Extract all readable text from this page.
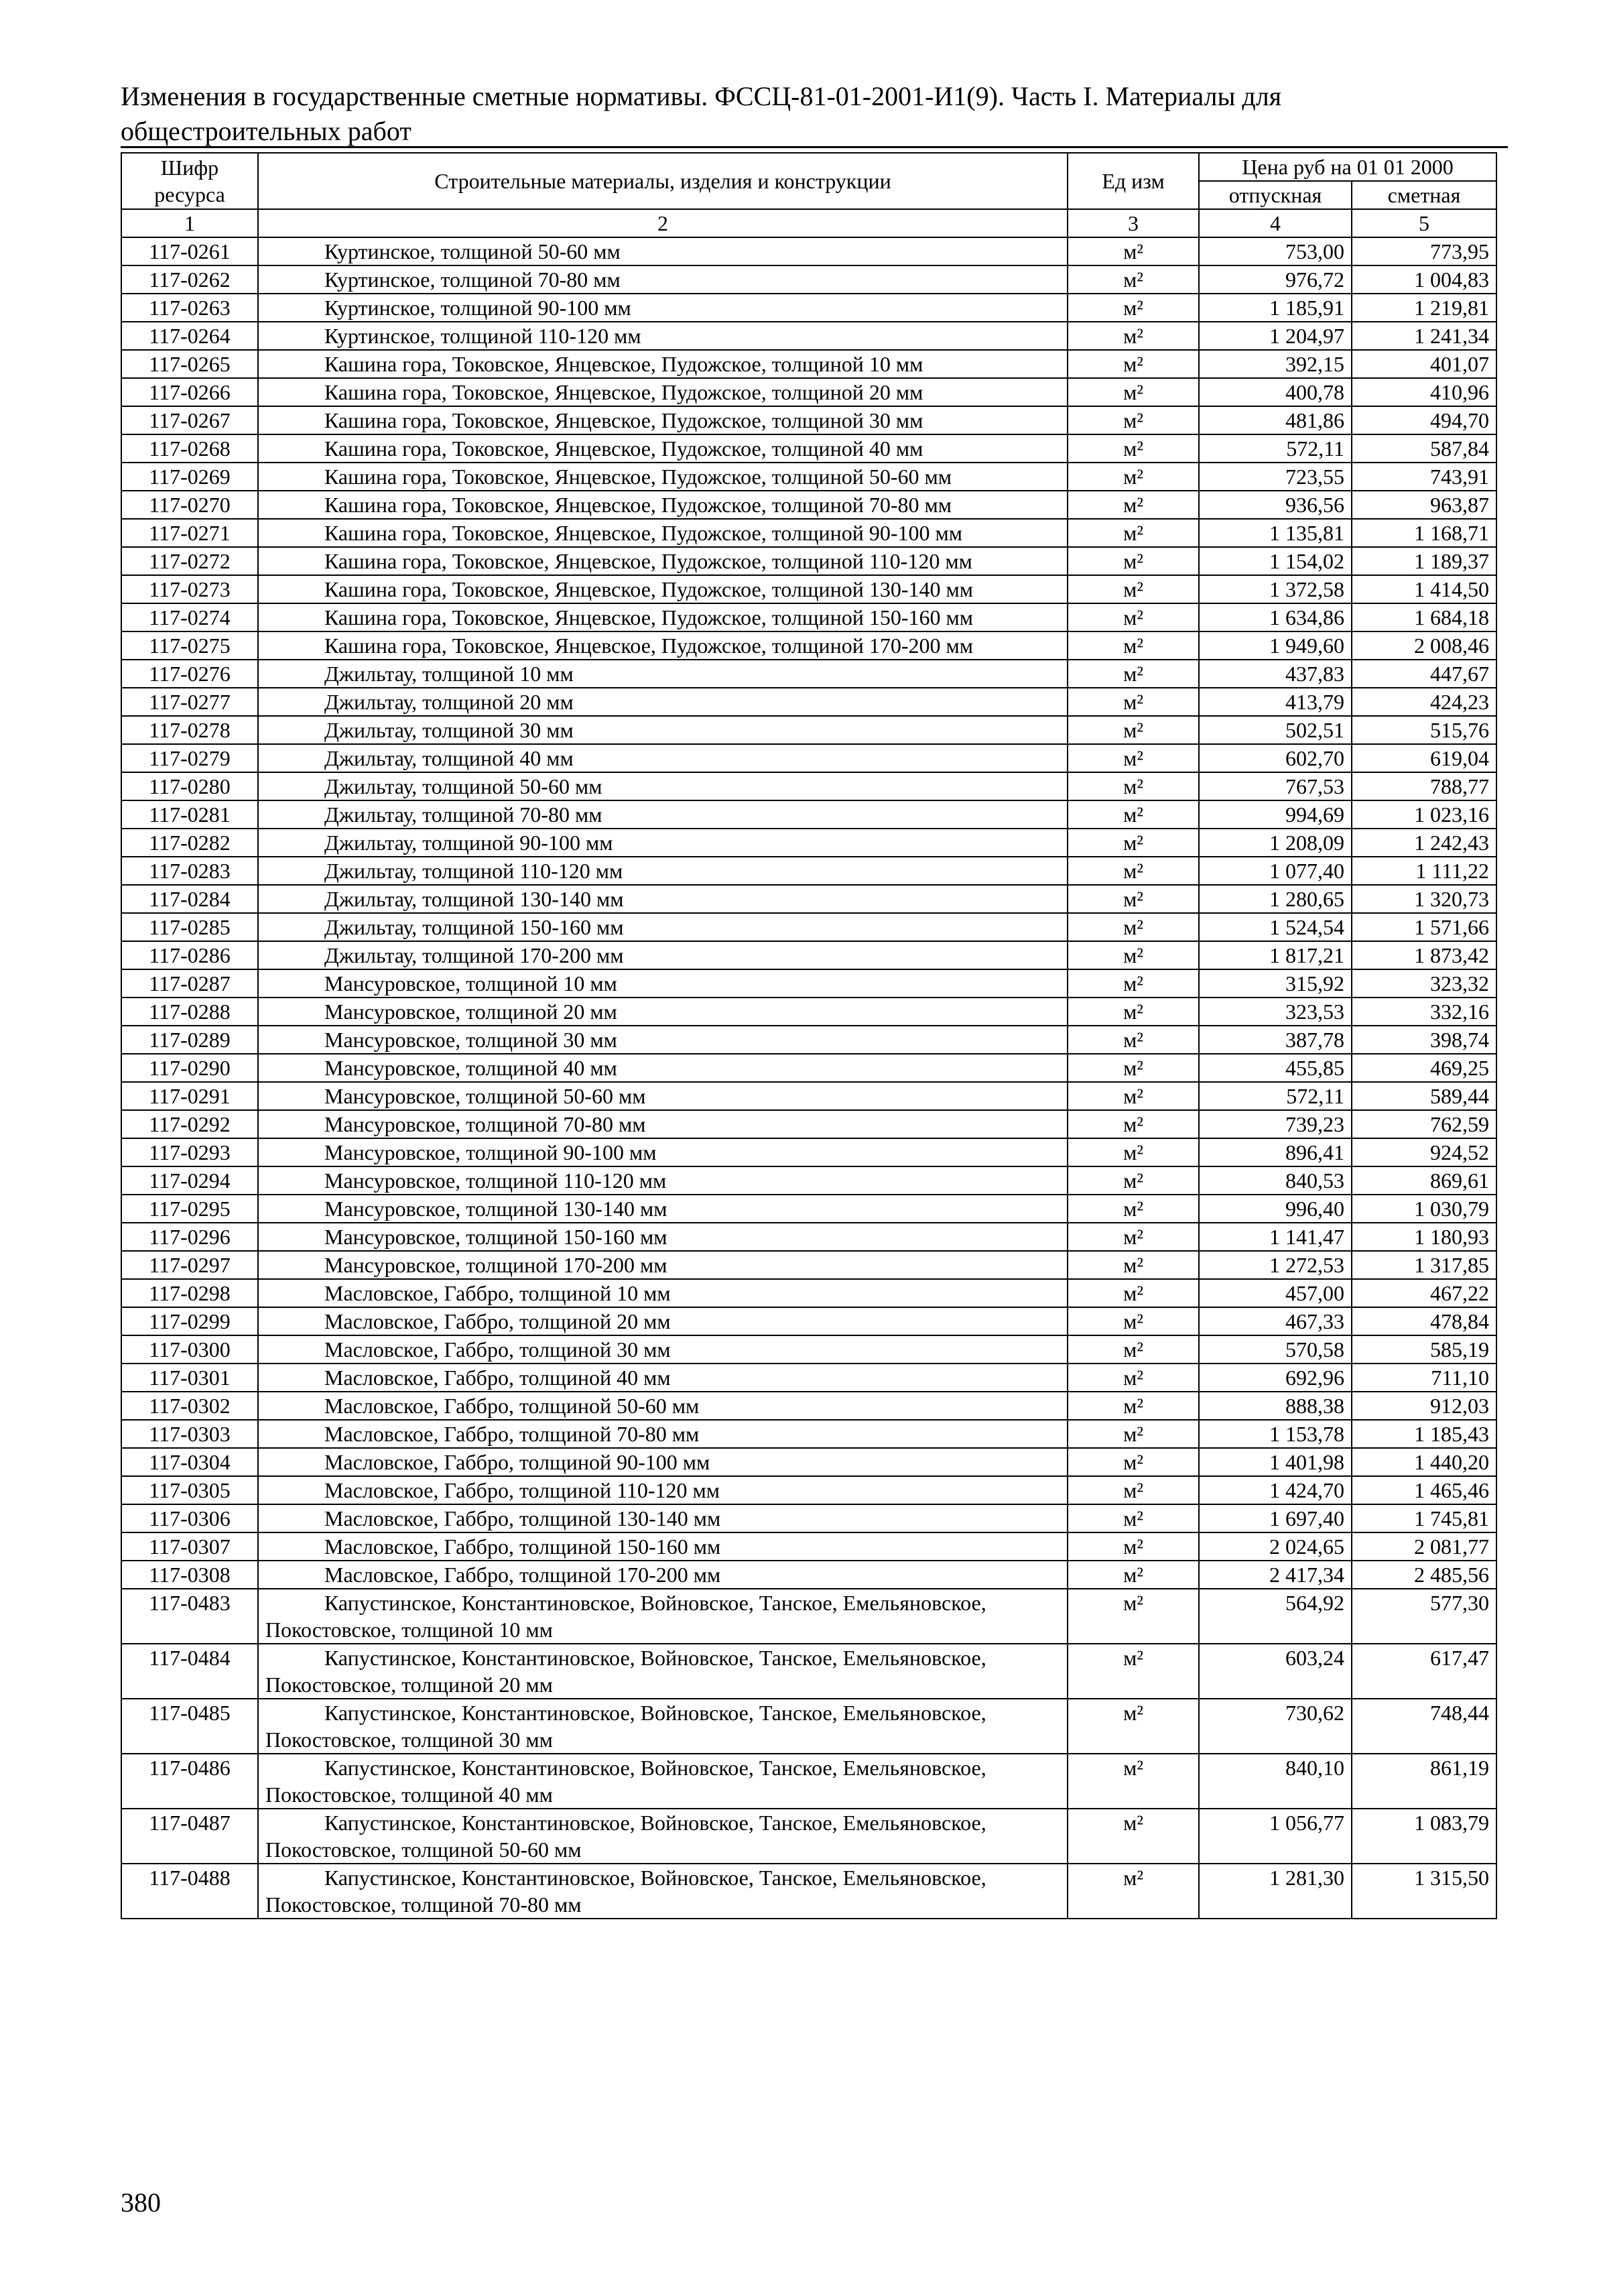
Изменения в государственные сметные нормативы. ФССЦ-81-01-2001-И1(9). Часть I. Материалы для
общестроительных работ
Шифр ресурса	Строительные материалы, изделия и конструкции	Ед изм	Цена руб на 01 01 2000	
			отпускная	сметная
1	2	3	4	5
117-0261	Куртинское, толщиной 50-60 мм	м²	753,00	773,95
117-0262	Куртинское, толщиной 70-80 мм	м²	976,72	1 004,83
117-0263	Куртинское, толщиной 90-100 мм	м²	1 185,91	1 219,81
117-0264	Куртинское, толщиной 110-120 мм	м²	1 204,97	1 241,34
117-0265	Кашина гора, Токовское, Янцевское, Пудожское, толщиной 10 мм	м²	392,15	401,07
117-0266	Кашина гора, Токовское, Янцевское, Пудожское, толщиной 20 мм	м²	400,78	410,96
117-0267	Кашина гора, Токовское, Янцевское, Пудожское, толщиной 30 мм	м²	481,86	494,70
117-0268	Кашина гора, Токовское, Янцевское, Пудожское, толщиной 40 мм	м²	572,11	587,84
117-0269	Кашина гора, Токовское, Янцевское, Пудожское, толщиной 50-60 мм	м²	723,55	743,91
117-0270	Кашина гора, Токовское, Янцевское, Пудожское, толщиной 70-80 мм	м²	936,56	963,87
117-0271	Кашина гора, Токовское, Янцевское, Пудожское, толщиной 90-100 мм	м²	1 135,81	1 168,71
117-0272	Кашина гора, Токовское, Янцевское, Пудожское, толщиной 110-120 мм	м²	1 154,02	1 189,37
117-0273	Кашина гора, Токовское, Янцевское, Пудожское, толщиной 130-140 мм	м²	1 372,58	1 414,50
117-0274	Кашина гора, Токовское, Янцевское, Пудожское, толщиной 150-160 мм	м²	1 634,86	1 684,18
117-0275	Кашина гора, Токовское, Янцевское, Пудожское, толщиной 170-200 мм	м²	1 949,60	2 008,46
117-0276	Джильтау, толщиной 10 мм	м²	437,83	447,67
117-0277	Джильтау, толщиной 20 мм	м²	413,79	424,23
117-0278	Джильтау, толщиной 30 мм	м²	502,51	515,76
117-0279	Джильтау, толщиной 40 мм	м²	602,70	619,04
117-0280	Джильтау, толщиной 50-60 мм	м²	767,53	788,77
117-0281	Джильтау, толщиной 70-80 мм	м²	994,69	1 023,16
117-0282	Джильтау, толщиной 90-100 мм	м²	1 208,09	1 242,43
117-0283	Джильтау, толщиной 110-120 мм	м²	1 077,40	1 111,22
117-0284	Джильтау, толщиной 130-140 мм	м²	1 280,65	1 320,73
117-0285	Джильтау, толщиной 150-160 мм	м²	1 524,54	1 571,66
117-0286	Джильтау, толщиной 170-200 мм	м²	1 817,21	1 873,42
117-0287	Мансуровское, толщиной 10 мм	м²	315,92	323,32
117-0288	Мансуровское, толщиной 20 мм	м²	323,53	332,16
117-0289	Мансуровское, толщиной 30 мм	м²	387,78	398,74
117-0290	Мансуровское, толщиной 40 мм	м²	455,85	469,25
117-0291	Мансуровское, толщиной 50-60 мм	м²	572,11	589,44
117-0292	Мансуровское, толщиной 70-80 мм	м²	739,23	762,59
117-0293	Мансуровское, толщиной 90-100 мм	м²	896,41	924,52
117-0294	Мансуровское, толщиной 110-120 мм	м²	840,53	869,61
117-0295	Мансуровское, толщиной 130-140 мм	м²	996,40	1 030,79
117-0296	Мансуровское, толщиной 150-160 мм	м²	1 141,47	1 180,93
117-0297	Мансуровское, толщиной 170-200 мм	м²	1 272,53	1 317,85
117-0298	Масловское, Габбро, толщиной 10 мм	м²	457,00	467,22
117-0299	Масловское, Габбро, толщиной 20 мм	м²	467,33	478,84
117-0300	Масловское, Габбро, толщиной 30 мм	м²	570,58	585,19
117-0301	Масловское, Габбро, толщиной 40 мм	м²	692,96	711,10
117-0302	Масловское, Габбро, толщиной 50-60 мм	м²	888,38	912,03
117-0303	Масловское, Габбро, толщиной 70-80 мм	м²	1 153,78	1 185,43
117-0304	Масловское, Габбро, толщиной 90-100 мм	м²	1 401,98	1 440,20
117-0305	Масловское, Габбро, толщиной 110-120 мм	м²	1 424,70	1 465,46
117-0306	Масловское, Габбро, толщиной 130-140 мм	м²	1 697,40	1 745,81
117-0307	Масловское, Габбро, толщиной 150-160 мм	м²	2 024,65	2 081,77
117-0308	Масловское, Габбро, толщиной 170-200 мм	м²	2 417,34	2 485,56
117-0483	Капустинское, Константиновское, Войновское, Танское, Емельяновское, Покостовское, толщиной 10 мм	м²	564,92	577,30
117-0484	Капустинское, Константиновское, Войновское, Танское, Емельяновское, Покостовское, толщиной 20 мм	м²	603,24	617,47
117-0485	Капустинское, Константиновское, Войновское, Танское, Емельяновское, Покостовское, толщиной 30 мм	м²	730,62	748,44
117-0486	Капустинское, Константиновское, Войновское, Танское, Емельяновское, Покостовское, толщиной 40 мм	м²	840,10	861,19
117-0487	Капустинское, Константиновское, Войновское, Танское, Емельяновское, Покостовское, толщиной 50-60 мм	м²	1 056,77	1 083,79
117-0488	Капустинское, Константиновское, Войновское, Танское, Емельяновское, Покостовское, толщиной 70-80 мм	м²	1 281,30	1 315,50
380
